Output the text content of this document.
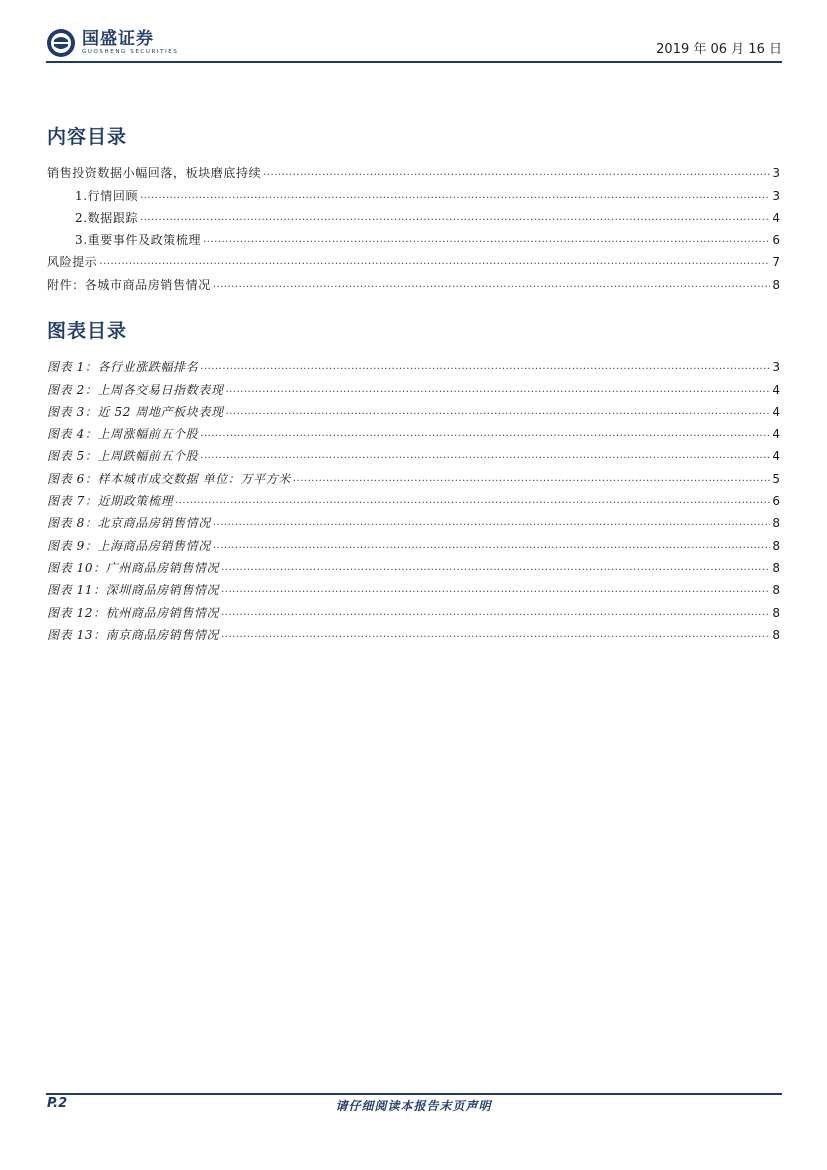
国盛证券
GUOSHENG SECURITIES	2019 年 06 月 16 日
内容目录
销售投资数据小幅回落，板块磨底持续 .....	3
1.行情回顾 .....	3
2.数据跟踪 .....	4
3.重要事件及政策梳理 .....	6
风险提示 .....	7
附件：各城市商品房销售情况 .....	8
图表目录
图表 1：各行业涨跌幅排名 .....	3
图表 2：上周各交易日指数表现 .....	4
图表 3：近 52 周地产板块表现 .....	4
图表 4：上周涨幅前五个股 .....	4
图表 5：上周跌幅前五个股 .....	4
图表 6：样本城市成交数据 单位：万平方米 .....	5
图表 7：近期政策梳理 .....	6
图表 8：北京商品房销售情况 .....	8
图表 9：上海商品房销售情况 .....	8
图表 10：广州商品房销售情况 .....	8
图表 11：深圳商品房销售情况 .....	8
图表 12：杭州商品房销售情况 .....	8
图表 13：南京商品房销售情况 .....	8
P.2	请仔细阅读本报告末页声明
